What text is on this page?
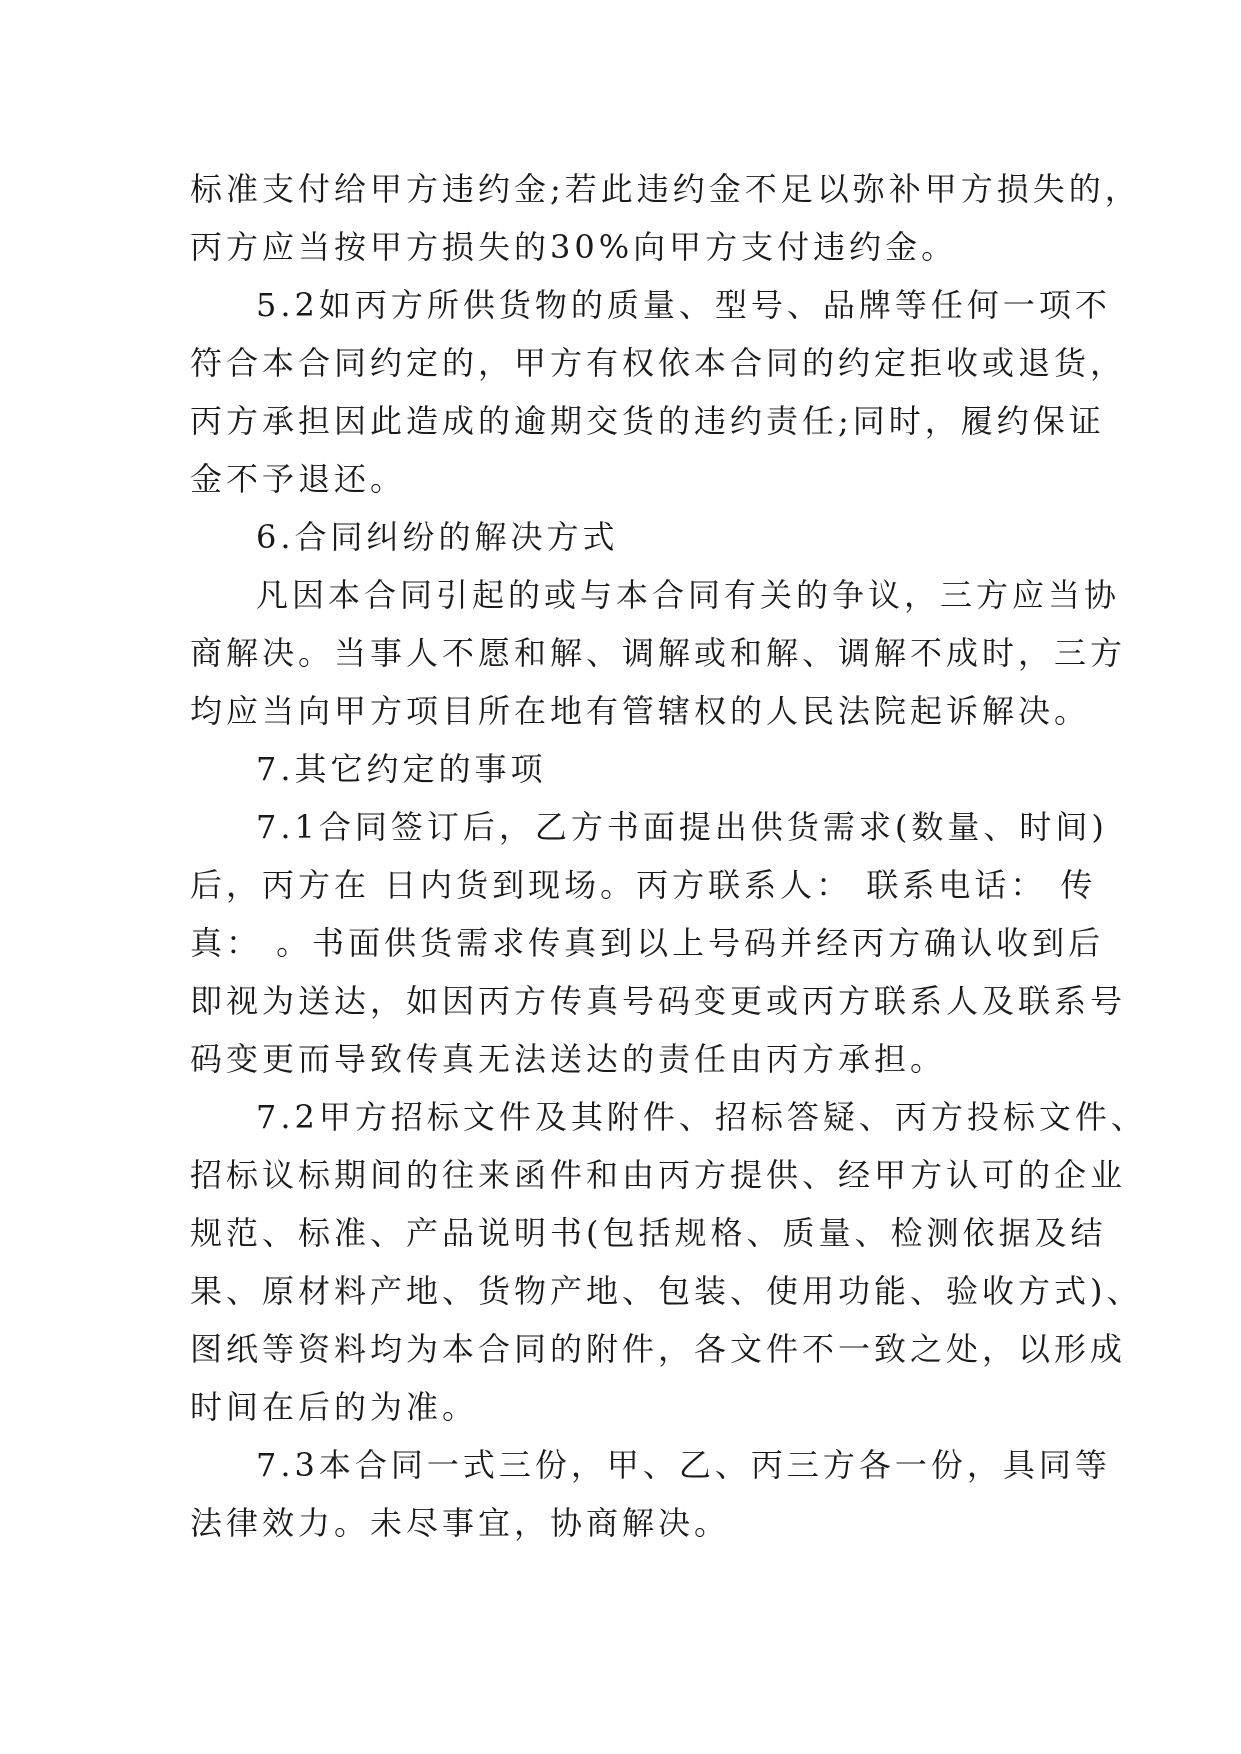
标准支付给甲方违约金;若此违约金不足以弥补甲方损失的，
丙方应当按甲方损失的30%向甲方支付违约金。
5.2如丙方所供货物的质量、型号、品牌等任何一项不
符合本合同约定的，甲方有权依本合同的约定拒收或退货，
丙方承担因此造成的逾期交货的违约责任;同时，履约保证
金不予退还。
6.合同纠纷的解决方式
凡因本合同引起的或与本合同有关的争议，三方应当协
商解决。当事人不愿和解、调解或和解、调解不成时，三方
均应当向甲方项目所在地有管辖权的人民法院起诉解决。
7.其它约定的事项
7.1合同签订后，乙方书面提出供货需求(数量、时间)
后，丙方在 日内货到现场。丙方联系人： 联系电话： 传
真： 。书面供货需求传真到以上号码并经丙方确认收到后
即视为送达，如因丙方传真号码变更或丙方联系人及联系号
码变更而导致传真无法送达的责任由丙方承担。
7.2甲方招标文件及其附件、招标答疑、丙方投标文件、
招标议标期间的往来函件和由丙方提供、经甲方认可的企业
规范、标准、产品说明书(包括规格、质量、检测依据及结
果、原材料产地、货物产地、包装、使用功能、验收方式)、
图纸等资料均为本合同的附件，各文件不一致之处，以形成
时间在后的为准。
7.3本合同一式三份，甲、乙、丙三方各一份，具同等
法律效力。未尽事宜，协商解决。
